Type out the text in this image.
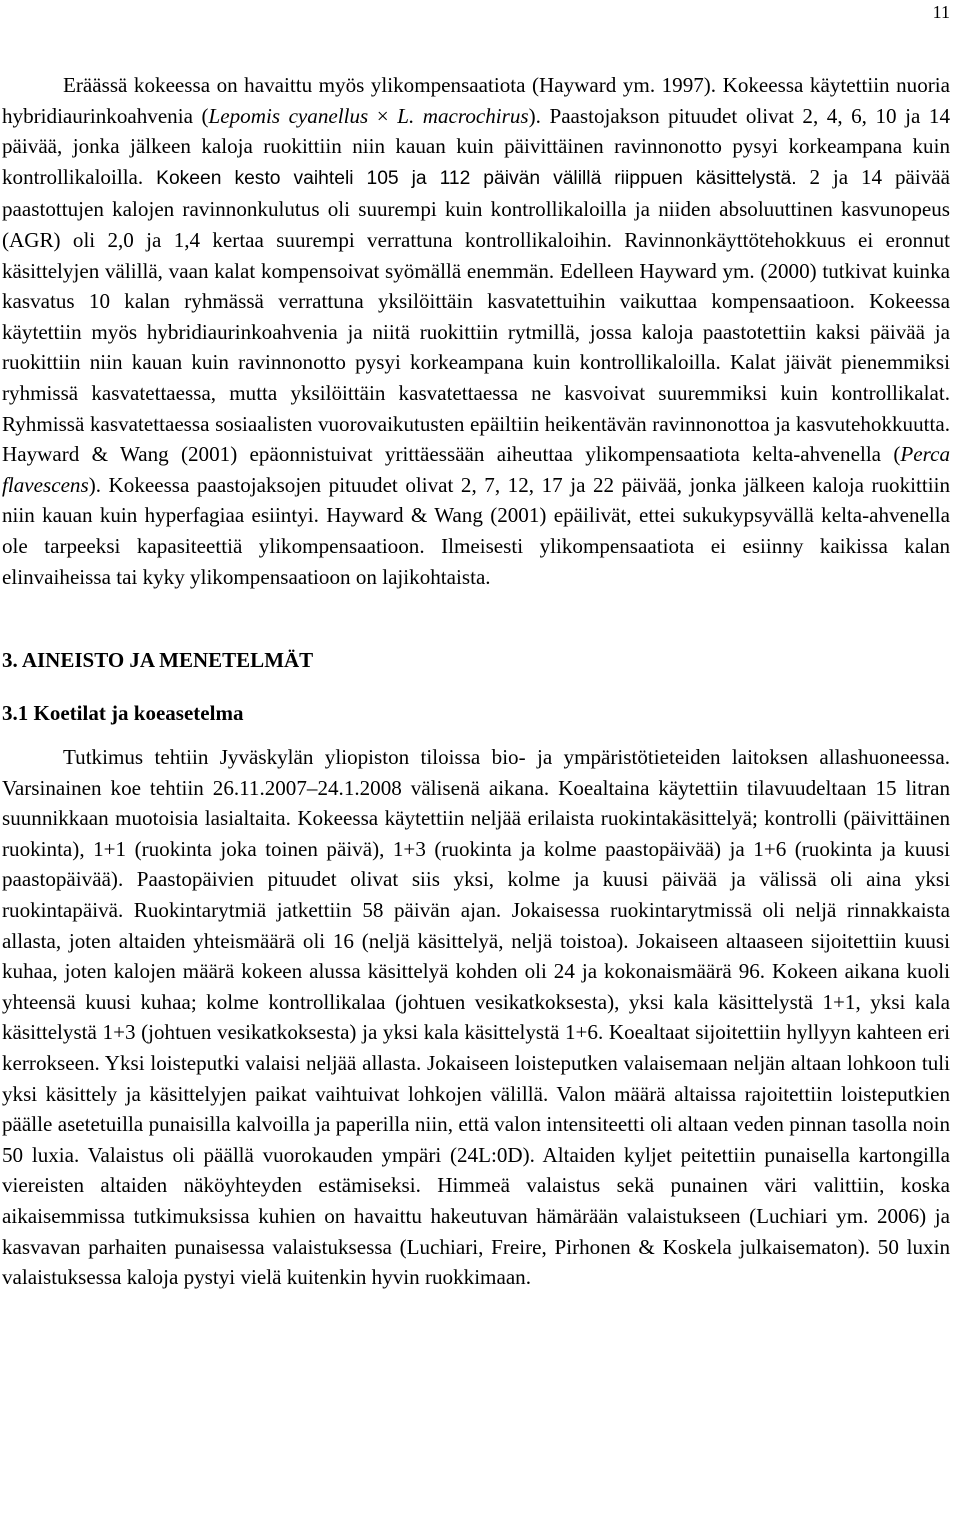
11

Eräässä kokeessa on havaittu myös ylikompensaatiota (Hayward ym. 1997). Kokeessa käytettiin nuoria hybridiaurinkoahvenia (Lepomis cyanellus × L. macrochirus). Paastojakson pituudet olivat 2, 4, 6, 10 ja 14 päivää, jonka jälkeen kaloja ruokittiin niin kauan kuin päivittäinen ravinnonotto pysyi korkeampana kuin kontrollikaloilla. Kokeen kesto vaihteli 105 ja 112 päivän välillä riippuen käsittelystä. 2 ja 14 päivää paastottujen kalojen ravinnonkulutus oli suurempi kuin kontrollikaloilla ja niiden absoluuttinen kasvunopeus (AGR) oli 2,0 ja 1,4 kertaa suurempi verrattuna kontrollikaloihin. Ravinnonkäyttötehokkuus ei eronnut käsittelyjen välillä, vaan kalat kompensoivat syömällä enemmän. Edelleen Hayward ym. (2000) tutkivat kuinka kasvatus 10 kalan ryhmässä verrattuna yksilöittäin kasvatettuihin vaikuttaa kompensaatioon. Kokeessa käytettiin myös hybridiaurinkoahvenia ja niitä ruokittiin rytmillä, jossa kaloja paastotettiin kaksi päivää ja ruokittiin niin kauan kuin ravinnonotto pysyi korkeampana kuin kontrollikaloilla. Kalat jäivät pienemmiksi ryhmissä kasvatettaessa, mutta yksilöittäin kasvatettaessa ne kasvoivat suuremmiksi kuin kontrollikalat. Ryhmissä kasvatettaessa sosiaalisten vuorovaikutusten epäiltiin heikentävän ravinnonottoa ja kasvutehokkuutta. Hayward & Wang (2001) epäonnistuivat yrittäessään aiheuttaa ylikompensaatiota kelta-ahvenella (Perca flavescens). Kokeessa paastojaksojen pituudet olivat 2, 7, 12, 17 ja 22 päivää, jonka jälkeen kaloja ruokittiin niin kauan kuin hyperfagiaa esiintyi. Hayward & Wang (2001) epäilivät, ettei sukukypsyvällä kelta-ahvenella ole tarpeeksi kapasiteettiä ylikompensaatioon. Ilmeisesti ylikompensaatiota ei esiinny kaikissa kalan elinvaiheissa tai kyky ylikompensaatioon on lajikohtaista.

3. AINEISTO JA MENETELMÄT
3.1 Koetilat ja koeasetelma

Tutkimus tehtiin Jyväskylän yliopiston tiloissa bio- ja ympäristötieteiden laitoksen allashuoneessa. Varsinainen koe tehtiin 26.11.2007–24.1.2008 välisenä aikana. Koealtaina käytettiin tilavuudeltaan 15 litran suunnikkaan muotoisia lasialtaita. Kokeessa käytettiin neljää erilaista ruokintakäsittelyä; kontrolli (päivittäinen ruokinta), 1+1 (ruokinta joka toinen päivä), 1+3 (ruokinta ja kolme paastopäivää) ja 1+6 (ruokinta ja kuusi paastopäivää). Paastopäivien pituudet olivat siis yksi, kolme ja kuusi päivää ja välissä oli aina yksi ruokintapäivä. Ruokintarytmiä jatkettiin 58 päivän ajan. Jokaisessa ruokintarytmissä oli neljä rinnakkaista allasta, joten altaiden yhteismäärä oli 16 (neljä käsittelyä, neljä toistoa). Jokaiseen altaaseen sijoitettiin kuusi kuhaa, joten kalojen määrä kokeen alussa käsittelyä kohden oli 24 ja kokonaismäärä 96. Kokeen aikana kuoli yhteensä kuusi kuhaa; kolme kontrollikalaa (johtuen vesikatkoksesta), yksi kala käsittelystä 1+1, yksi kala käsittelystä 1+3 (johtuen vesikatkoksesta) ja yksi kala käsittelystä 1+6. Koealtaat sijoitettiin hyllyyn kahteen eri kerrokseen. Yksi loisteputki valaisi neljää allasta. Jokaiseen loisteputken valaisemaan neljän altaan lohkoon tuli yksi käsittely ja käsittelyjen paikat vaihtuivat lohkojen välillä. Valon määrä altaissa rajoitettiin loisteputkien päälle asetetuilla punaisilla kalvoilla ja paperilla niin, että valon intensiteetti oli altaan veden pinnan tasolla noin 50 luxia. Valaistus oli päällä vuorokauden ympäri (24L:0D). Altaiden kyljet peitettiin punaisella kartongilla viereisten altaiden näköyhteyden estämiseksi. Himmeä valaistus sekä punainen väri valittiin, koska aikaisemmissa tutkimuksissa kuhien on havaittu hakeutuvan hämärään valaistukseen (Luchiari ym. 2006) ja kasvavan parhaiten punaisessa valaistuksessa (Luchiari, Freire, Pirhonen & Koskela julkaisematon). 50 luxin valaistuksessa kaloja pystyi vielä kuitenkin hyvin ruokkimaan.
